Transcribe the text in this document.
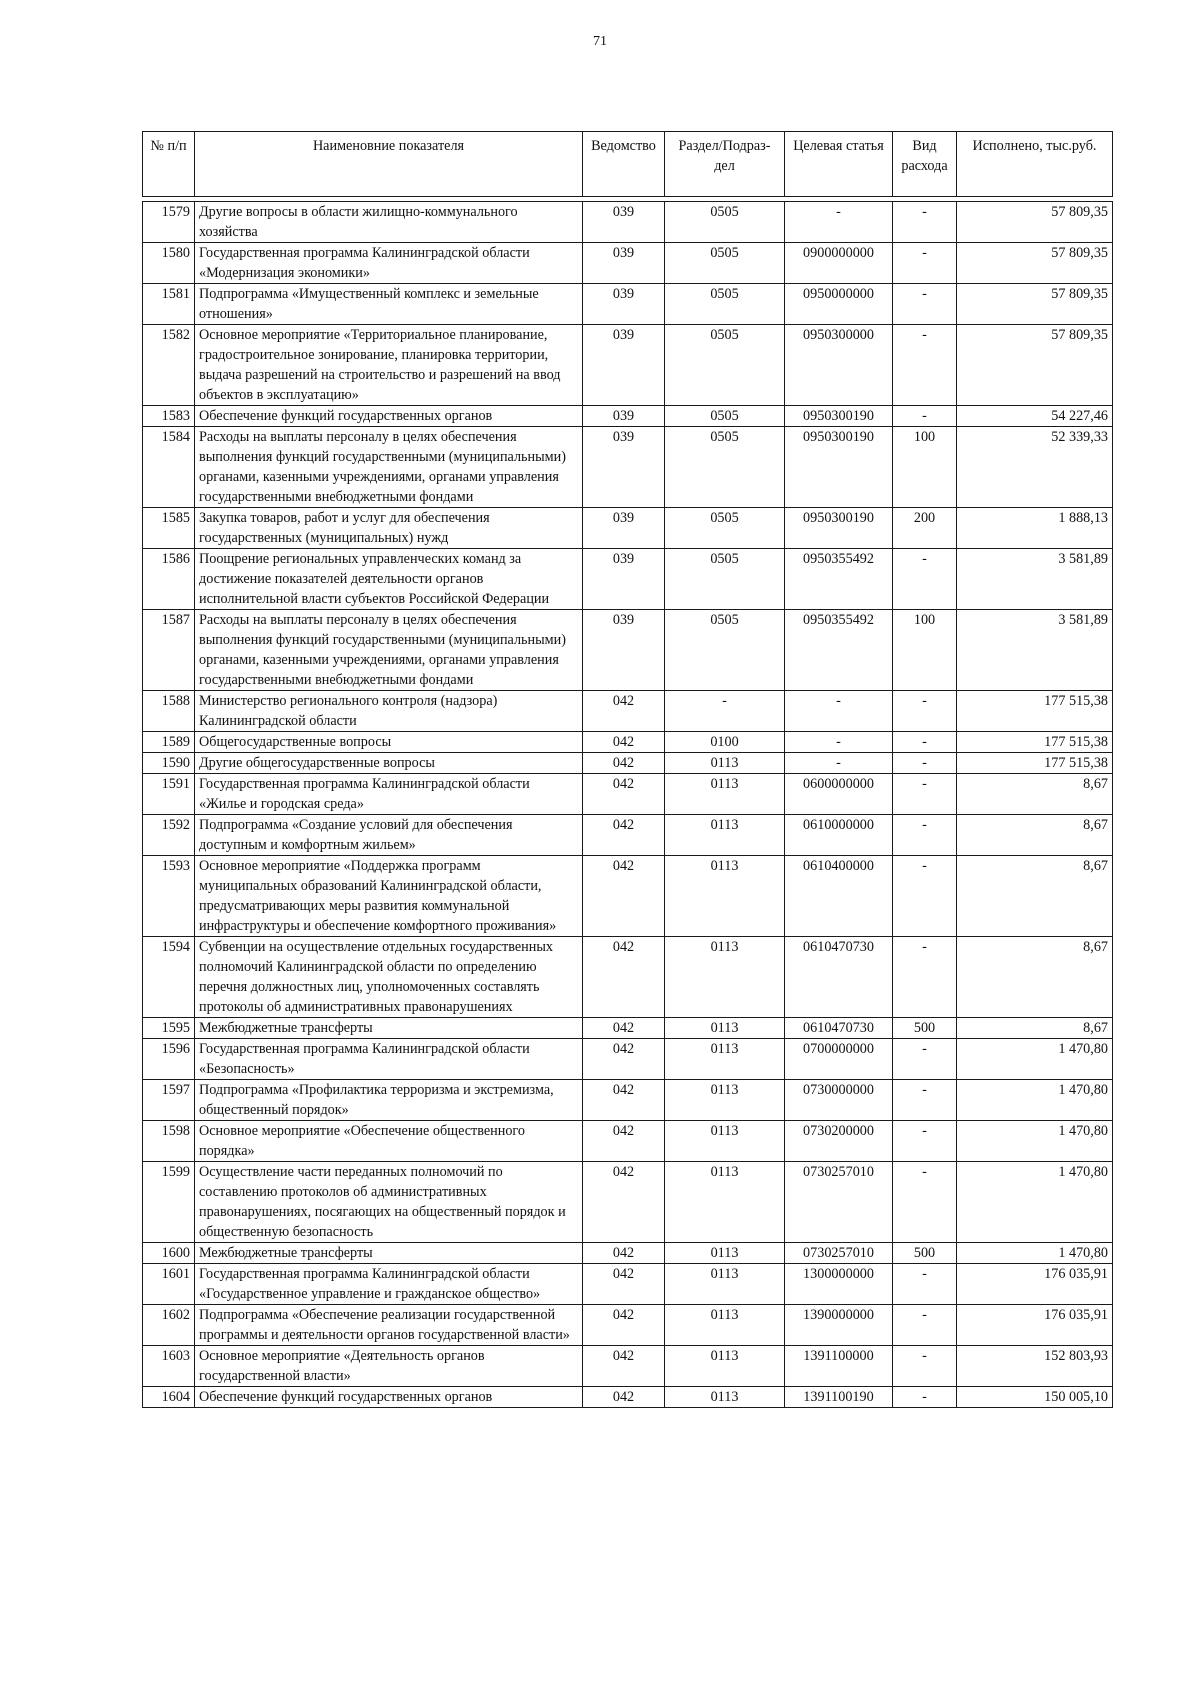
71
№ п/п	Наименовние показателя	Ведомство	Раздел/Подраз-дел	Целевая статья	Вид расхода	Исполнено, тыс.руб.

1579	Другие вопросы в области жилищно-коммунального хозяйства	039	0505	-	-	57 809,35
1580	Государственная программа Калининградской области «Модернизация экономики»	039	0505	0900000000	-	57 809,35
1581	Подпрограмма «Имущественный комплекс и земельные отношения»	039	0505	0950000000	-	57 809,35
1582	Основное мероприятие «Территориальное планирование, градостроительное зонирование, планировка территории, выдача разрешений на строительство и разрешений на ввод объектов в эксплуатацию»	039	0505	0950300000	-	57 809,35
1583	Обеспечение функций государственных органов	039	0505	0950300190	-	54 227,46
1584	Расходы на выплаты персоналу в целях обеспечения выполнения функций государственными (муниципальными) органами, казенными учреждениями, органами управления государственными внебюджетными фондами	039	0505	0950300190	100	52 339,33
1585	Закупка товаров, работ и услуг для обеспечения государственных (муниципальных) нужд	039	0505	0950300190	200	1 888,13
1586	Поощрение региональных управленческих команд за достижение показателей деятельности органов исполнительной власти субъектов Российской Федерации	039	0505	0950355492	-	3 581,89
1587	Расходы на выплаты персоналу в целях обеспечения выполнения функций государственными (муниципальными) органами, казенными учреждениями, органами управления государственными внебюджетными фондами	039	0505	0950355492	100	3 581,89
1588	Министерство регионального контроля (надзора) Калининградской области	042	-	-	-	177 515,38
1589	Общегосударственные вопросы	042	0100	-	-	177 515,38
1590	Другие общегосударственные вопросы	042	0113	-	-	177 515,38
1591	Государственная программа Калининградской области «Жилье и городская среда»	042	0113	0600000000	-	8,67
1592	Подпрограмма «Создание условий для обеспечения доступным и комфортным жильем»	042	0113	0610000000	-	8,67
1593	Основное мероприятие «Поддержка программ муниципальных образований Калининградской области, предусматривающих меры развития коммунальной инфраструктуры и обеспечение комфортного проживания»	042	0113	0610400000	-	8,67
1594	Субвенции на осуществление отдельных государственных полномочий Калининградской области по определению перечня должностных лиц, уполномоченных составлять протоколы об административных правонарушениях	042	0113	0610470730	-	8,67
1595	Межбюджетные трансферты	042	0113	0610470730	500	8,67
1596	Государственная программа Калининградской области «Безопасность»	042	0113	0700000000	-	1 470,80
1597	Подпрограмма «Профилактика терроризма и экстремизма, общественный порядок»	042	0113	0730000000	-	1 470,80
1598	Основное мероприятие «Обеспечение общественного порядка»	042	0113	0730200000	-	1 470,80
1599	Осуществление части переданных полномочий по составлению протоколов об административных правонарушениях, посягающих на общественный порядок и общественную безопасность	042	0113	0730257010	-	1 470,80
1600	Межбюджетные трансферты	042	0113	0730257010	500	1 470,80
1601	Государственная программа Калининградской области «Государственное управление и гражданское общество»	042	0113	1300000000	-	176 035,91
1602	Подпрограмма «Обеспечение реализации государственной программы и деятельности органов государственной власти»	042	0113	1390000000	-	176 035,91
1603	Основное мероприятие «Деятельность органов государственной власти»	042	0113	1391100000	-	152 803,93
1604	Обеспечение функций государственных органов	042	0113	1391100190	-	150 005,10
